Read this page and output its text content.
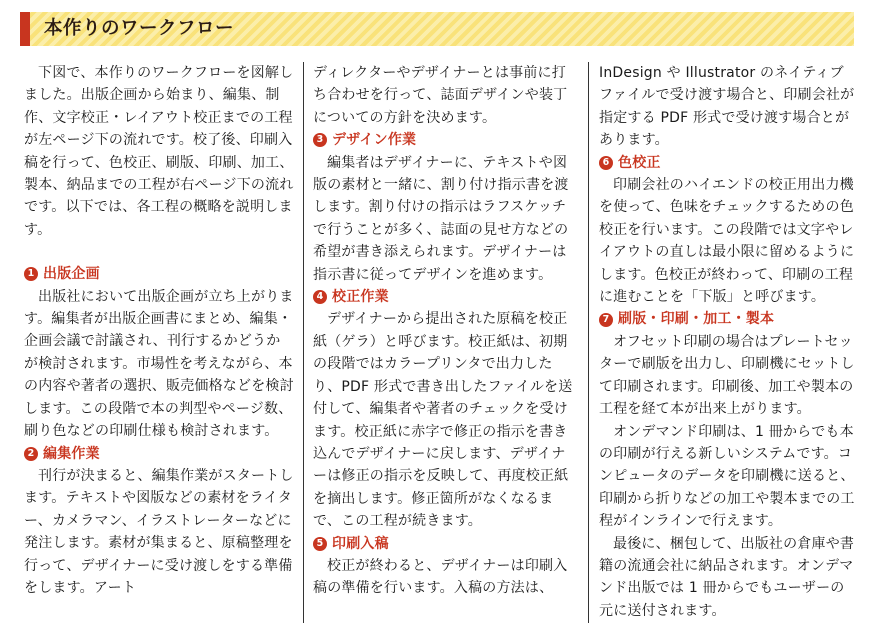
本作りのワークフロー

下図で、本作りのワークフローを図解しました。出版企画から始まり、編集、制作、文字校正・レイアウト校正までの工程が左ページ下の流れです。校了後、印刷入稿を行って、色校正、刷版、印刷、加工、製本、納品までの工程が右ページ下の流れです。以下では、各工程の概略を説明します。

1 出版企画

出版社において出版企画が立ち上がります。編集者が出版企画書にまとめ、編集・企画会議で討議され、刊行するかどうかが検討されます。市場性を考えながら、本の内容や著者の選択、販売価格などを検討します。この段階で本の判型やページ数、刷り色などの印刷仕様も検討されます。

2 編集作業

刊行が決まると、編集作業がスタートします。テキストや図版などの素材をライター、カメラマン、イラストレーターなどに発注します。素材が集まると、原稿整理を行って、デザイナーに受け渡しをする準備をします。アート

ディレクターやデザイナーとは事前に打ち合わせを行って、誌面デザインや装丁についての方針を決めます。

3 デザイン作業

編集者はデザイナーに、テキストや図版の素材と一緒に、割り付け指示書を渡します。割り付けの指示はラフスケッチで行うことが多く、誌面の見せ方などの希望が書き添えられます。デザイナーは指示書に従ってデザインを進めます。

4 校正作業

デザイナーから提出された原稿を校正紙（ゲラ）と呼びます。校正紙は、初期の段階ではカラープリンタで出力したり、PDF 形式で書き出したファイルを送付して、編集者や著者のチェックを受けます。校正紙に赤字で修正の指示を書き込んでデザイナーに戻します、デザイナーは修正の指示を反映して、再度校正紙を摘出します。修正箇所がなくなるまで、この工程が続きます。

5 印刷入稿

校正が終わると、デザイナーは印刷入稿の準備を行います。入稿の方法は、

InDesign や Illustrator のネイティブファイルで受け渡す場合と、印刷会社が指定する PDF 形式で受け渡す場合とがあります。

6 色校正

印刷会社のハイエンドの校正用出力機を使って、色味をチェックするための色校正を行います。この段階では文字やレイアウトの直しは最小限に留めるようにします。色校正が終わって、印刷の工程に進むことを「下版」と呼びます。

7 刷版・印刷・加工・製本

オフセット印刷の場合はプレートセッターで刷版を出力し、印刷機にセットして印刷されます。印刷後、加工や製本の工程を経て本が出来上がります。

オンデマンド印刷は、1 冊からでも本の印刷が行える新しいシステムです。コンピュータのデータを印刷機に送ると、印刷から折りなどの加工や製本までの工程がインラインで行えます。

最後に、梱包して、出版社の倉庫や書籍の流通会社に納品されます。オンデマンド出版では 1 冊からでもユーザーの元に送付されます。
